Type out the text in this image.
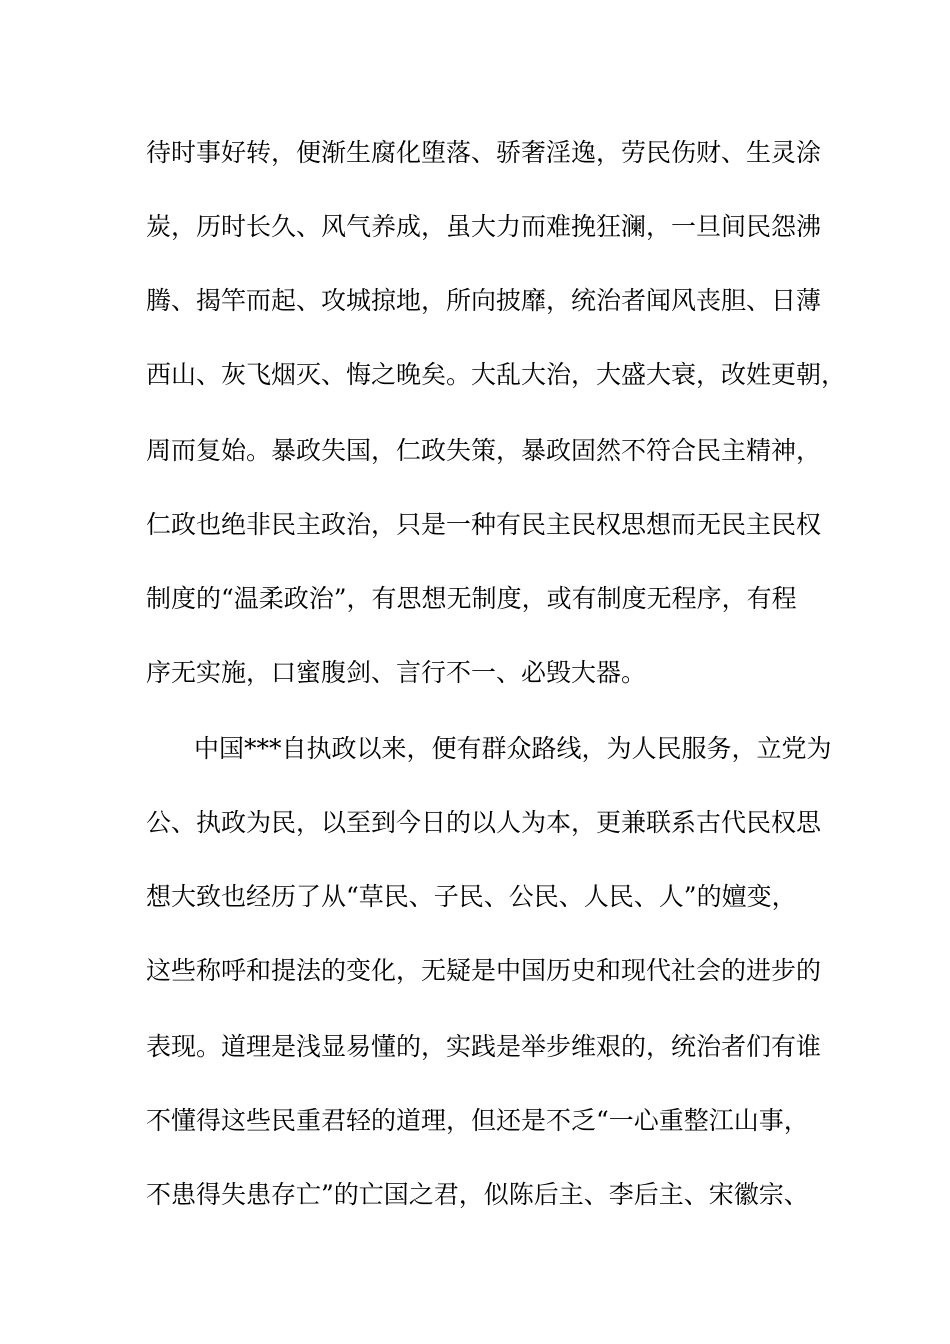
待时事好转，便渐生腐化堕落、骄奢淫逸，劳民伤财、生灵涂
炭，历时长久、风气养成，虽大力而难挽狂澜，一旦间民怨沸
腾、揭竿而起、攻城掠地，所向披靡，统治者闻风丧胆、日薄
西山、灰飞烟灭、悔之晚矣。大乱大治，大盛大衰，改姓更朝，
周而复始。暴政失国，仁政失策，暴政固然不符合民主精神，
仁政也绝非民主政治，只是一种有民主民权思想而无民主民权
制度的“温柔政治”，有思想无制度，或有制度无程序，有程
序无实施，口蜜腹剑、言行不一、必毁大器。
中国***自执政以来，便有群众路线，为人民服务，立党为
公、执政为民，以至到今日的以人为本，更兼联系古代民权思
想大致也经历了从“草民、子民、公民、人民、人”的嬗变，
这些称呼和提法的变化，无疑是中国历史和现代社会的进步的
表现。道理是浅显易懂的，实践是举步维艰的，统治者们有谁
不懂得这些民重君轻的道理，但还是不乏“一心重整江山事，
不患得失患存亡”的亡国之君，似陈后主、李后主、宋徽宗、
